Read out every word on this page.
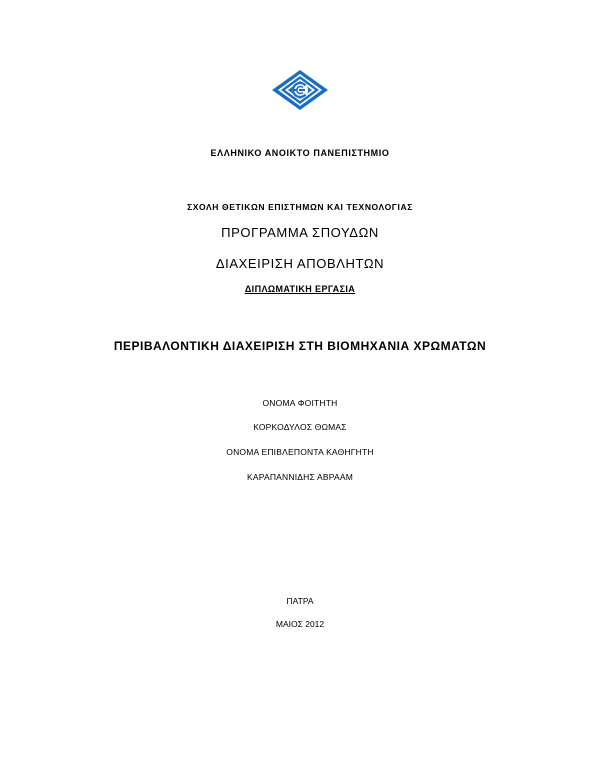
ΕΛΛΗΝΙΚΟ ΑΝΟΙΚΤΟ ΠΑΝΕΠΙΣΤΗΜΙΟ
ΣΧΟΛΗ ΘΕΤΙΚΩΝ ΕΠΙΣΤΗΜΩΝ ΚΑΙ ΤΕΧΝΟΛΟΓΙΑΣ
ΠΡΟΓΡΑΜΜΑ ΣΠΟΥΔΩΝ
ΔΙΑΧΕΙΡΙΣΗ ΑΠΟΒΛΗΤΩΝ
ΔΙΠΛΩΜΑΤΙΚΗ ΕΡΓΑΣΙΑ
ΠΕΡΙΒΑΛΟΝΤΙΚΗ ΔΙΑΧΕΙΡΙΣΗ ΣΤΗ ΒΙΟΜΗΧΑΝΙΑ ΧΡΩΜΑΤΩΝ
ΟΝΟΜΑ ΦΟΙΤΗΤΗ
ΚΟΡΚΟΔΥΛΟΣ ΘΩΜΑΣ
ΟΝΟΜΑ ΕΠΙΒΛΕΠΟΝΤΑ ΚΑΘΗΓΗΤΗ
ΚΑΡΑΠΑΝΝΙΔΗΣ ΑΒΡΑΑΜ
ΠΑΤΡΑ
ΜΑΙΟΣ 2012
